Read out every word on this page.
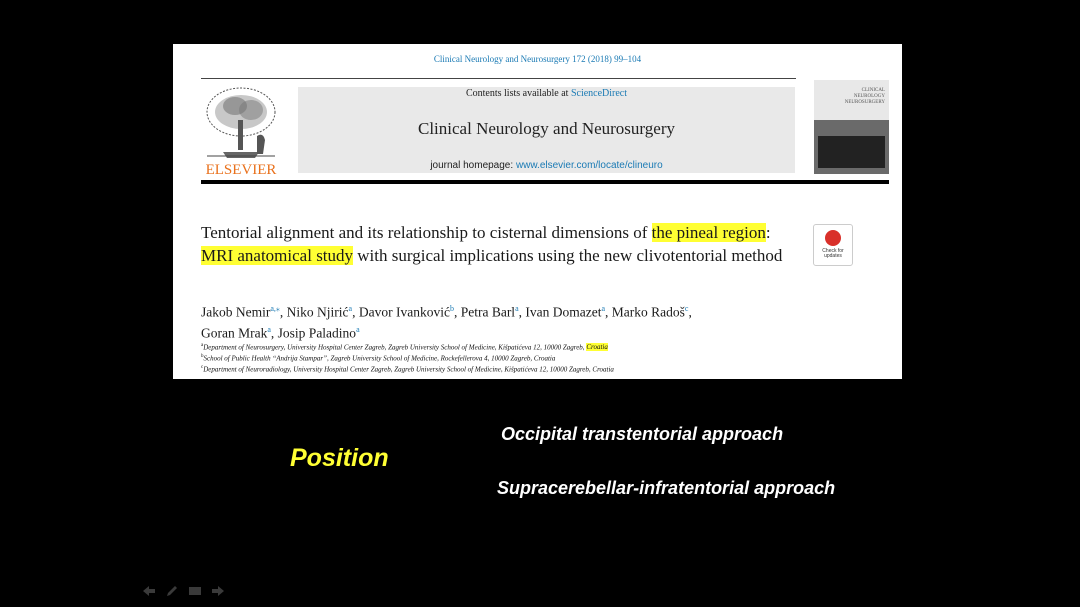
Clinical Neurology and Neurosurgery 172 (2018) 99–104
ELSEVIER
Contents lists available at ScienceDirect
Clinical Neurology and Neurosurgery
journal homepage: www.elsevier.com/locate/clineuro
CLINICAL
NEUROLOGY
NEUROSURGERY
Tentorial alignment and its relationship to cisternal dimensions of the pineal region: MRI anatomical study with surgical implications using the new clivotentorial method	Check for
updates
Jakob Nemir$^{a,⁎}$, Niko Njirić$^a$, Davor Ivanković$^b$, Petra Barl$^a$, Ivan Domazet$^a$, Marko Radoš$^c$,
Goran Mrak$^a$, Josip Paladino$^a$
$^a$Department of Neurosurgery, University Hospital Center Zagreb, Zagreb University School of Medicine, Kišpatićeva 12, 10000 Zagreb, Croatia
$^b$School of Public Health “Andrija Stampar”, Zagreb University School of Medicine, Rockefellerova 4, 10000 Zagreb, Croatia
$^c$Department of Neuroradiology, University Hospital Center Zagreb, Zagreb University School of Medicine, Kišpatićeva 12, 10000 Zagreb, Croatia
Position
Occipital transtentorial approach
Supracerebellar-infratentorial approach
